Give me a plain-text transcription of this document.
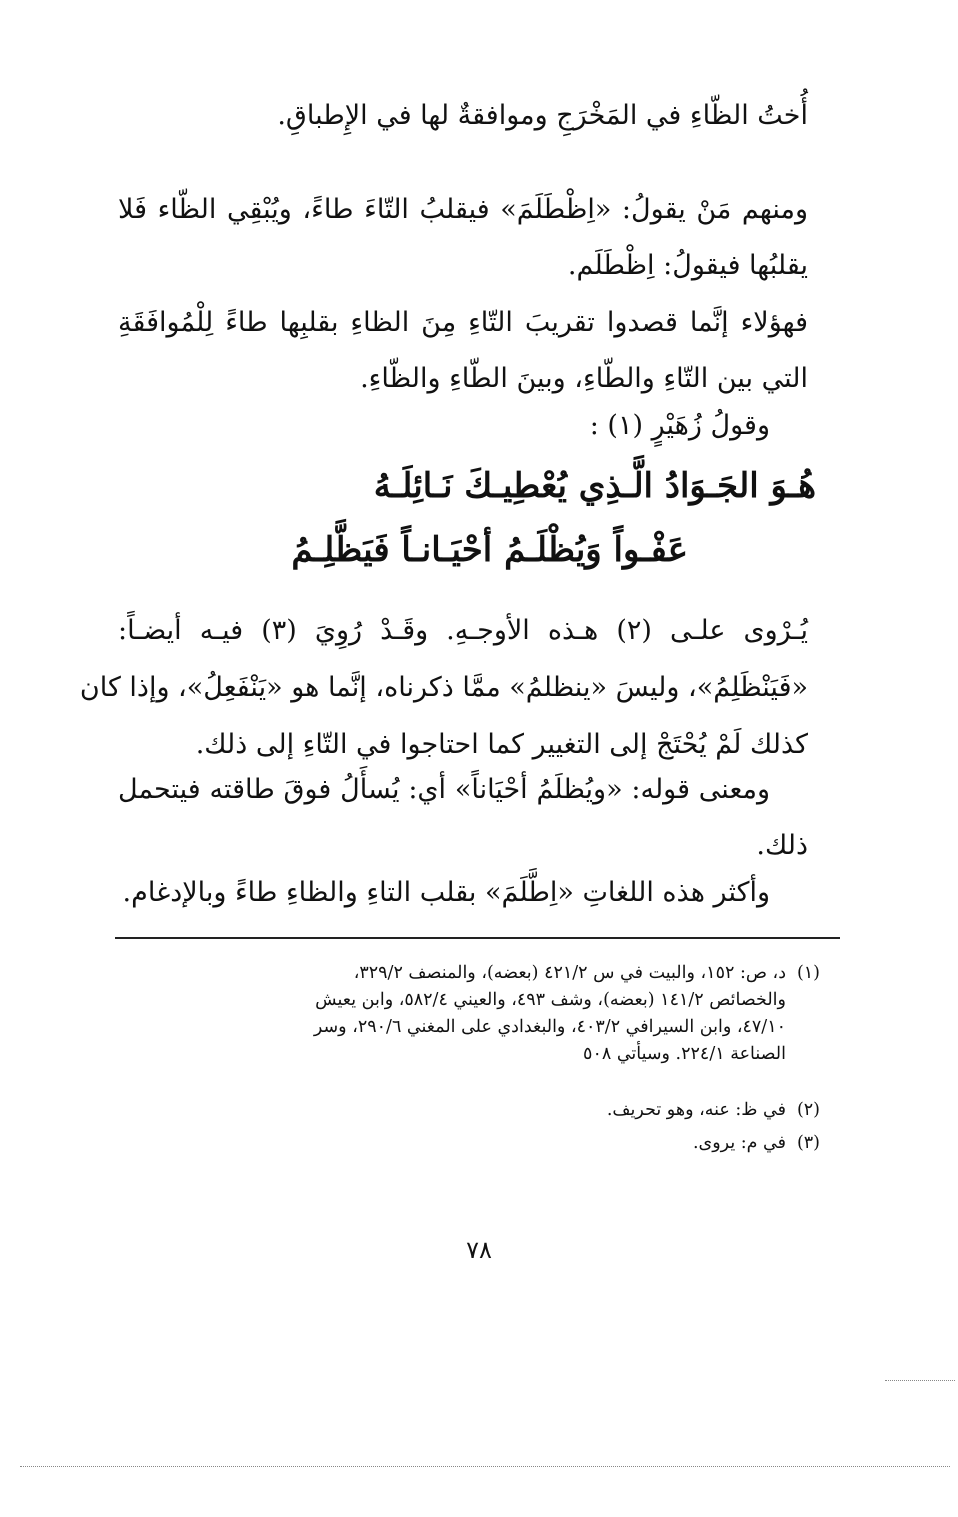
أُختُ الظّاءِ في المَخْرَجِ وموافقةٌ لها في الإِطباقِ.
ومنهم مَنْ يقولُ: «اِظْطَلَمَ» فيقلبُ التّاءَ طاءً، ويُبْقِي الظّاء فَلا
يقلبُها فيقولُ: اِظْطَلَم.
فهؤلاء إنَّما قصدوا تقريبَ التّاءِ مِنَ الظاءِ بقلبِها طاءً لِلْمُوافَقَةِ
التي بين التّاءِ والطّاءِ، وبينَ الطّاءِ والظّاءِ.
وقولُ زُهَيْرٍ (١) :
هُـوَ الجَـوَادُ الَّـذِي يُعْطِيـكَ نَـائِلَـهُ
عَفْـواً وَيُظْلَـمُ أحْيَـانـاً فَيَظَّلِـمُ
يُـرْوى علـى (٢) هـذه الأوجـهِ. وقَـدْ رُوِيَ (٣) فيـه أيضـاً:
«فَيَنْظَلِمُ»، وليسَ «ينظلمُ» ممَّا ذكرناه، إنَّما هو «يَنْفَعِلُ»، وإذا كان
كذلك لَمْ يُحْتَجْ إلى التغيير كما احتاجوا في التّاءِ إلى ذلك.
ومعنى قوله: «ويُظلَمُ أحْيَاناً» أي: يُسأَلُ فوقَ طاقته فيتحمل
ذلك.
وأكثر هذه اللغاتِ «اِطَّلَمَ» بقلب التاءِ والظاءِ طاءً وبالإدغام.
(١)د، ص: ١٥٢، والبيت في س ٤٢١/٢ (بعضه)، والمنصف ٣٢٩/٢،
والخصائص ١٤١/٢ (بعضه)، وشف ٤٩٣، والعيني ٥٨٢/٤، وابن يعيش
٤٧/١٠، وابن السيرافي ٤٠٣/٢، والبغدادي على المغني ٢٩٠/٦، وسر
الصناعة ٢٢٤/١. وسيأتي ٥٠٨
(٢)في ظ: عنه، وهو تحريف.
(٣)في م: يروى.
٧٨
